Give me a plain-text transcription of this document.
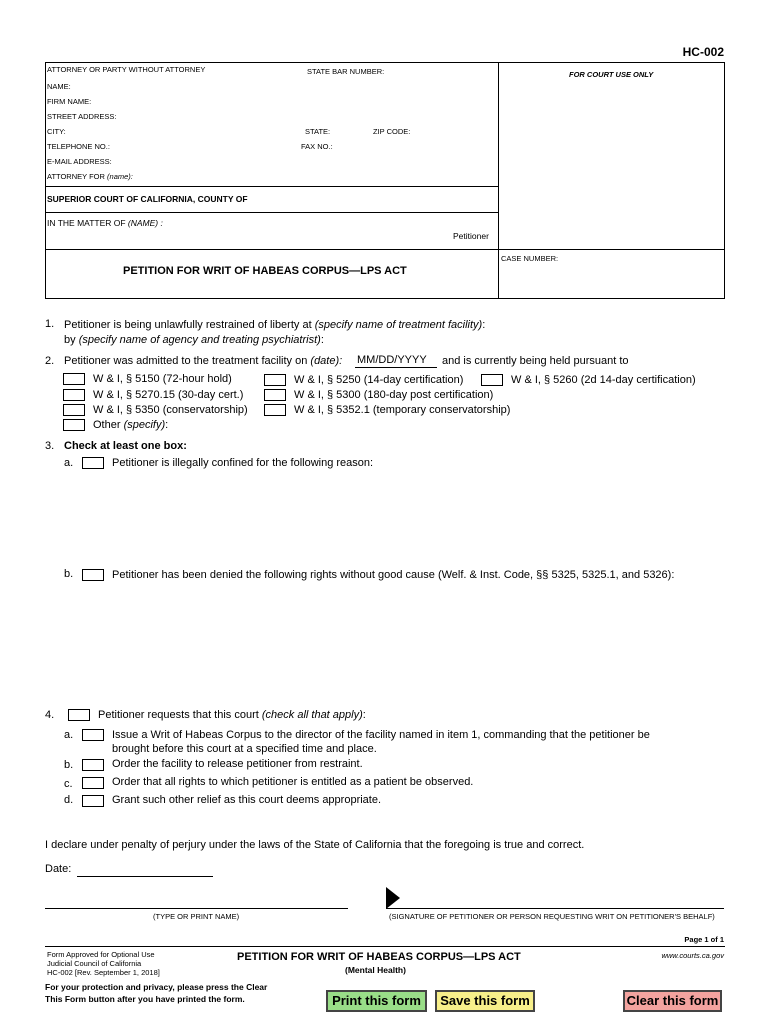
HC-002
ATTORNEY OR PARTY WITHOUT ATTORNEY	STATE BAR NUMBER:	FOR COURT USE ONLY
NAME:
FIRM NAME:
STREET ADDRESS:
CITY:	STATE:	ZIP CODE:
TELEPHONE NO.:	FAX NO.:
E-MAIL ADDRESS:
ATTORNEY FOR (name):
SUPERIOR COURT OF CALIFORNIA, COUNTY OF
IN THE MATTER OF (NAME) :
Petitioner
PETITION FOR WRIT OF HABEAS CORPUS—LPS ACT
CASE NUMBER:
1. Petitioner is being unlawfully restrained of liberty at (specify name of treatment facility):
by (specify name of agency and treating psychiatrist):
2. Petitioner was admitted to the treatment facility on (date): MM/DD/YYYY and is currently being held pursuant to
W & I, § 5150 (72-hour hold)	W & I, § 5250 (14-day certification)	W & I, § 5260 (2d 14-day certification)
W & I, § 5270.15 (30-day cert.)	W & I, § 5300 (180-day post certification)
W & I, § 5350 (conservatorship)	W & I, § 5352.1 (temporary conservatorship)
Other (specify):
3. Check at least one box:
a.	Petitioner is illegally confined for the following reason:
b.	Petitioner has been denied the following rights without good cause (Welf. & Inst. Code, §§ 5325, 5325.1, and 5326):
4.	Petitioner requests that this court (check all that apply):
a.	Issue a Writ of Habeas Corpus to the director of the facility named in item 1, commanding that the petitioner be
brought before this court at a specified time and place.
b.	Order the facility to release petitioner from restraint.
c.	Order that all rights to which petitioner is entitled as a patient be observed.
d.	Grant such other relief as this court deems appropriate.
I declare under penalty of perjury under the laws of the State of California that the foregoing is true and correct.
Date:
(TYPE OR PRINT NAME)	(SIGNATURE OF PETITIONER OR PERSON REQUESTING WRIT ON PETITIONER'S BEHALF)
Page 1 of 1
Form Approved for Optional Use
Judicial Council of California
HC-002 [Rev. September 1, 2018]
PETITION FOR WRIT OF HABEAS CORPUS—LPS ACT
(Mental Health)
www.courts.ca.gov
For your protection and privacy, please press the Clear
This Form button after you have printed the form.	Print this form	Save this form	Clear this form
